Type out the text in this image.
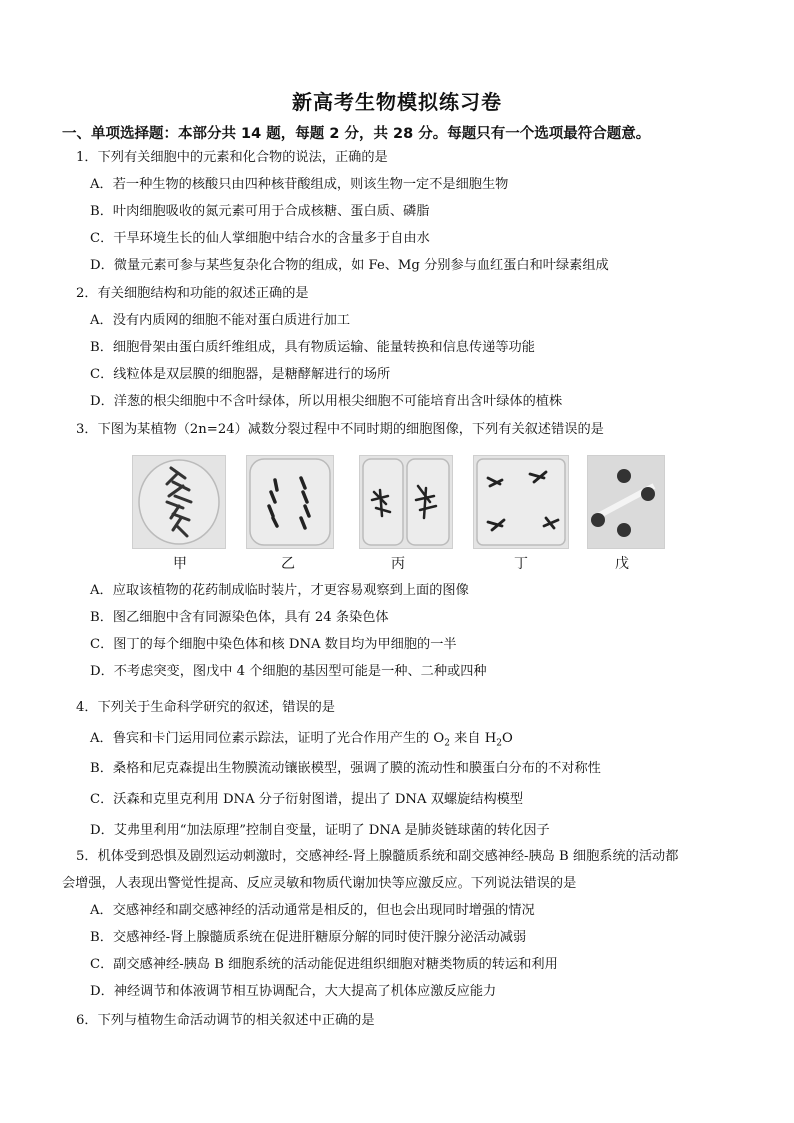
新高考生物模拟练习卷
一、单项选择题：本部分共 14 题，每题 2 分，共 28 分。每题只有一个选项最符合题意。
1．下列有关细胞中的元素和化合物的说法，正确的是
A．若一种生物的核酸只由四种核苷酸组成，则该生物一定不是细胞生物
B．叶肉细胞吸收的氮元素可用于合成核糖、蛋白质、磷脂
C．干旱环境生长的仙人掌细胞中结合水的含量多于自由水
D．微量元素可参与某些复杂化合物的组成，如 Fe、Mg 分别参与血红蛋白和叶绿素组成
2．有关细胞结构和功能的叙述正确的是
A．没有内质网的细胞不能对蛋白质进行加工
B．细胞骨架由蛋白质纤维组成，具有物质运输、能量转换和信息传递等功能
C．线粒体是双层膜的细胞器，是糖酵解进行的场所
D．洋葱的根尖细胞中不含叶绿体，所以用根尖细胞不可能培育出含叶绿体的植株
3．下图为某植物（2n=24）减数分裂过程中不同时期的细胞图像，下列有关叙述错误的是
甲	乙	丙	丁	戊
A．应取该植物的花药制成临时装片，才更容易观察到上面的图像
B．图乙细胞中含有同源染色体，具有 24 条染色体
C．图丁的每个细胞中染色体和核 DNA 数目均为甲细胞的一半
D．不考虑突变，图戊中 4 个细胞的基因型可能是一种、二种或四种
4．下列关于生命科学研究的叙述，错误的是
A．鲁宾和卡门运用同位素示踪法，证明了光合作用产生的 $O_2$ 来自 $H_2O$
B．桑格和尼克森提出生物膜流动镶嵌模型，强调了膜的流动性和膜蛋白分布的不对称性
C．沃森和克里克利用 DNA 分子衍射图谱，提出了 DNA 双螺旋结构模型
D．艾弗里利用“加法原理”控制自变量，证明了 DNA 是肺炎链球菌的转化因子
5．机体受到恐惧及剧烈运动刺激时，交感神经-肾上腺髓质系统和副交感神经-胰岛 B 细胞系统的活动都
会增强，人表现出警觉性提高、反应灵敏和物质代谢加快等应激反应。下列说法错误的是
A．交感神经和副交感神经的活动通常是相反的，但也会出现同时增强的情况
B．交感神经-肾上腺髓质系统在促进肝糖原分解的同时使汗腺分泌活动减弱
C．副交感神经-胰岛 B 细胞系统的活动能促进组织细胞对糖类物质的转运和利用
D．神经调节和体液调节相互协调配合，大大提高了机体应激反应能力
6．下列与植物生命活动调节的相关叙述中正确的是
